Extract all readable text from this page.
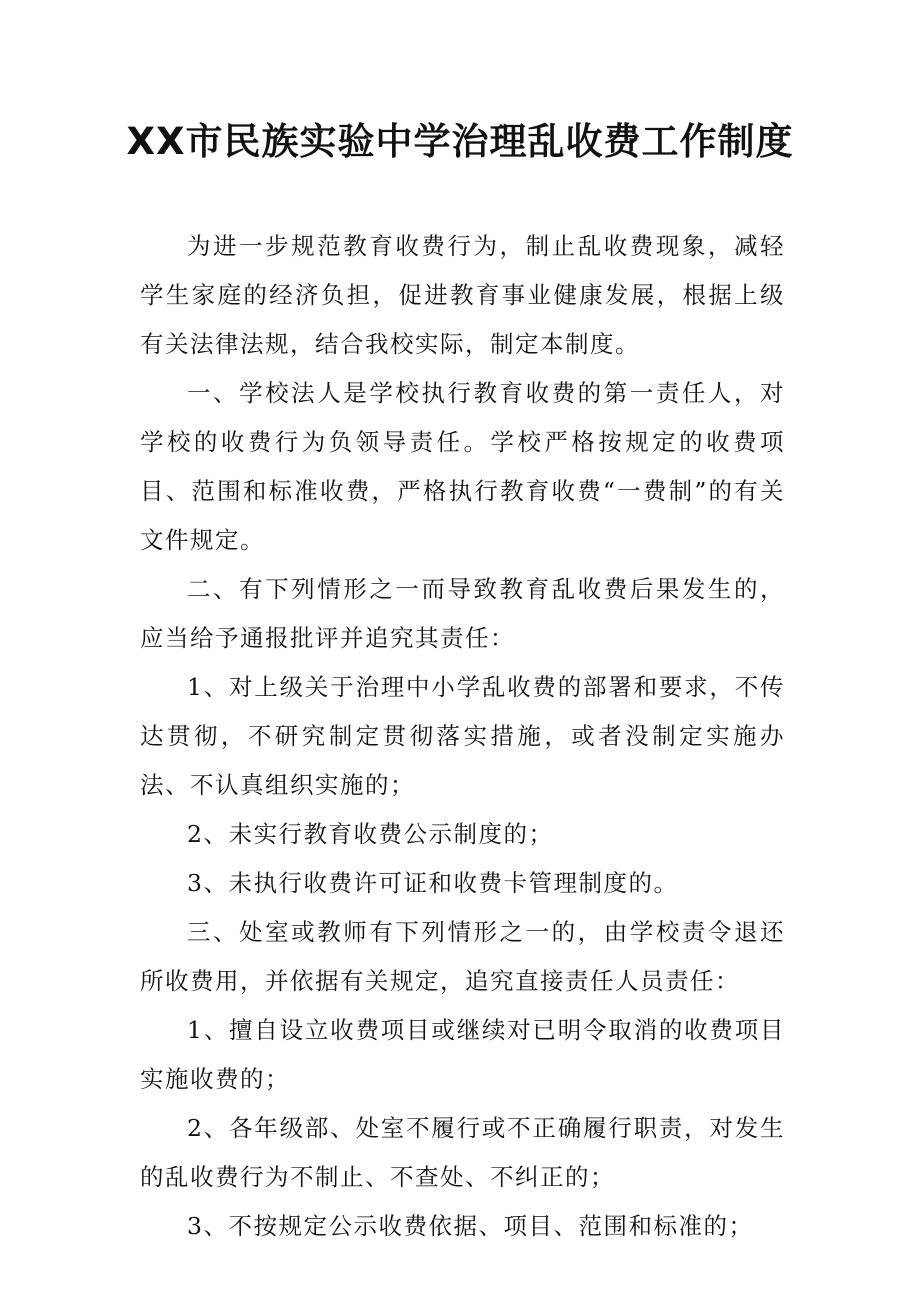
XX市民族实验中学治理乱收费工作制度

为进一步规范教育收费行为，制止乱收费现象，减轻学生家庭的经济负担，促进教育事业健康发展，根据上级有关法律法规，结合我校实际，制定本制度。

一、学校法人是学校执行教育收费的第一责任人，对学校的收费行为负领导责任。学校严格按规定的收费项目、范围和标准收费，严格执行教育收费“一费制”的有关文件规定。

二、有下列情形之一而导致教育乱收费后果发生的，应当给予通报批评并追究其责任：

1、对上级关于治理中小学乱收费的部署和要求，不传达贯彻，不研究制定贯彻落实措施，或者没制定实施办法、不认真组织实施的；

2、未实行教育收费公示制度的；

3、未执行收费许可证和收费卡管理制度的。

三、处室或教师有下列情形之一的，由学校责令退还所收费用，并依据有关规定，追究直接责任人员责任：

1、擅自设立收费项目或继续对已明令取消的收费项目实施收费的；

2、各年级部、处室不履行或不正确履行职责，对发生的乱收费行为不制止、不查处、不纠正的；

3、不按规定公示收费依据、项目、范围和标准的；
